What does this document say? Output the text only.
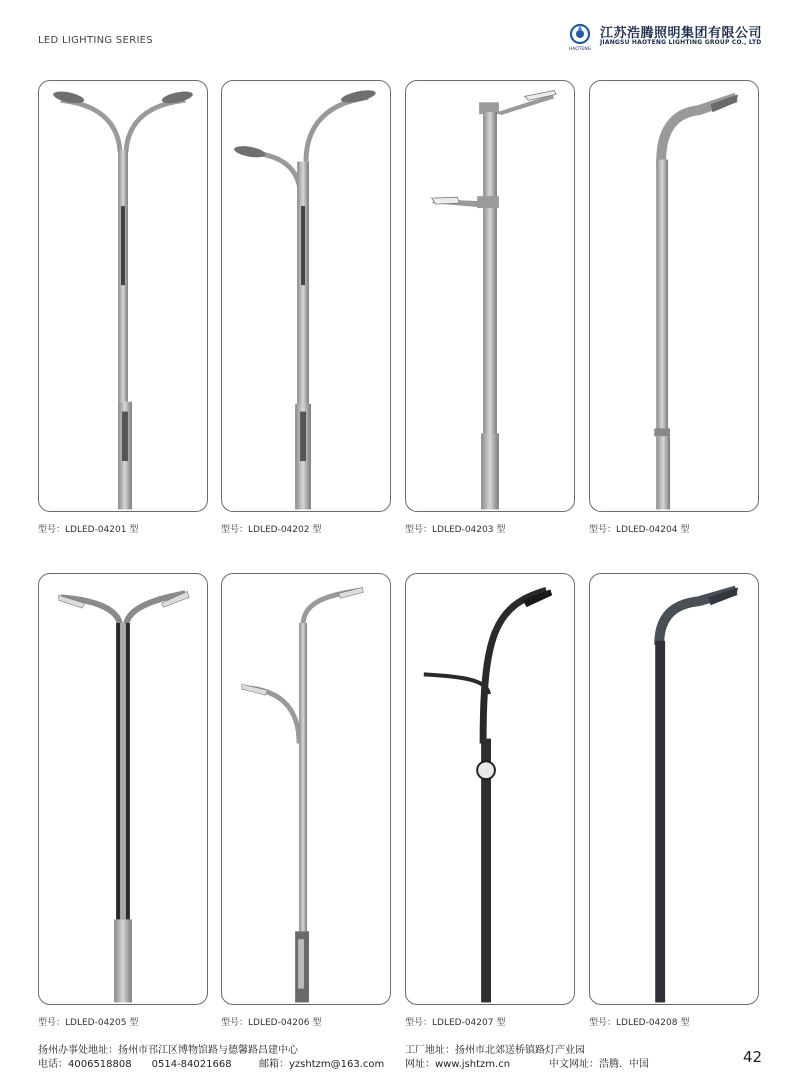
LED LIGHTING SERIES
HAOTENG
江苏浩腾照明集团有限公司
JIANGSU HAOTENG LIGHTING GROUP CO., LTD
型号：LDLED-04201 型	型号：LDLED-04202 型	型号：LDLED-04203 型	型号：LDLED-04204 型
型号：LDLED-04205 型	型号：LDLED-04206 型	型号：LDLED-04207 型	型号：LDLED-04208 型
扬州办事处地址：扬州市邗江区博物馆路与德馨路昌建中心
电话：4006518808　　0514-84021668	邮箱：yzshtzm@163.com
工厂地址：扬州市北郊送桥镇路灯产业园
网址：www.jshtzm.cn	中文网址：浩腾．中国	42
